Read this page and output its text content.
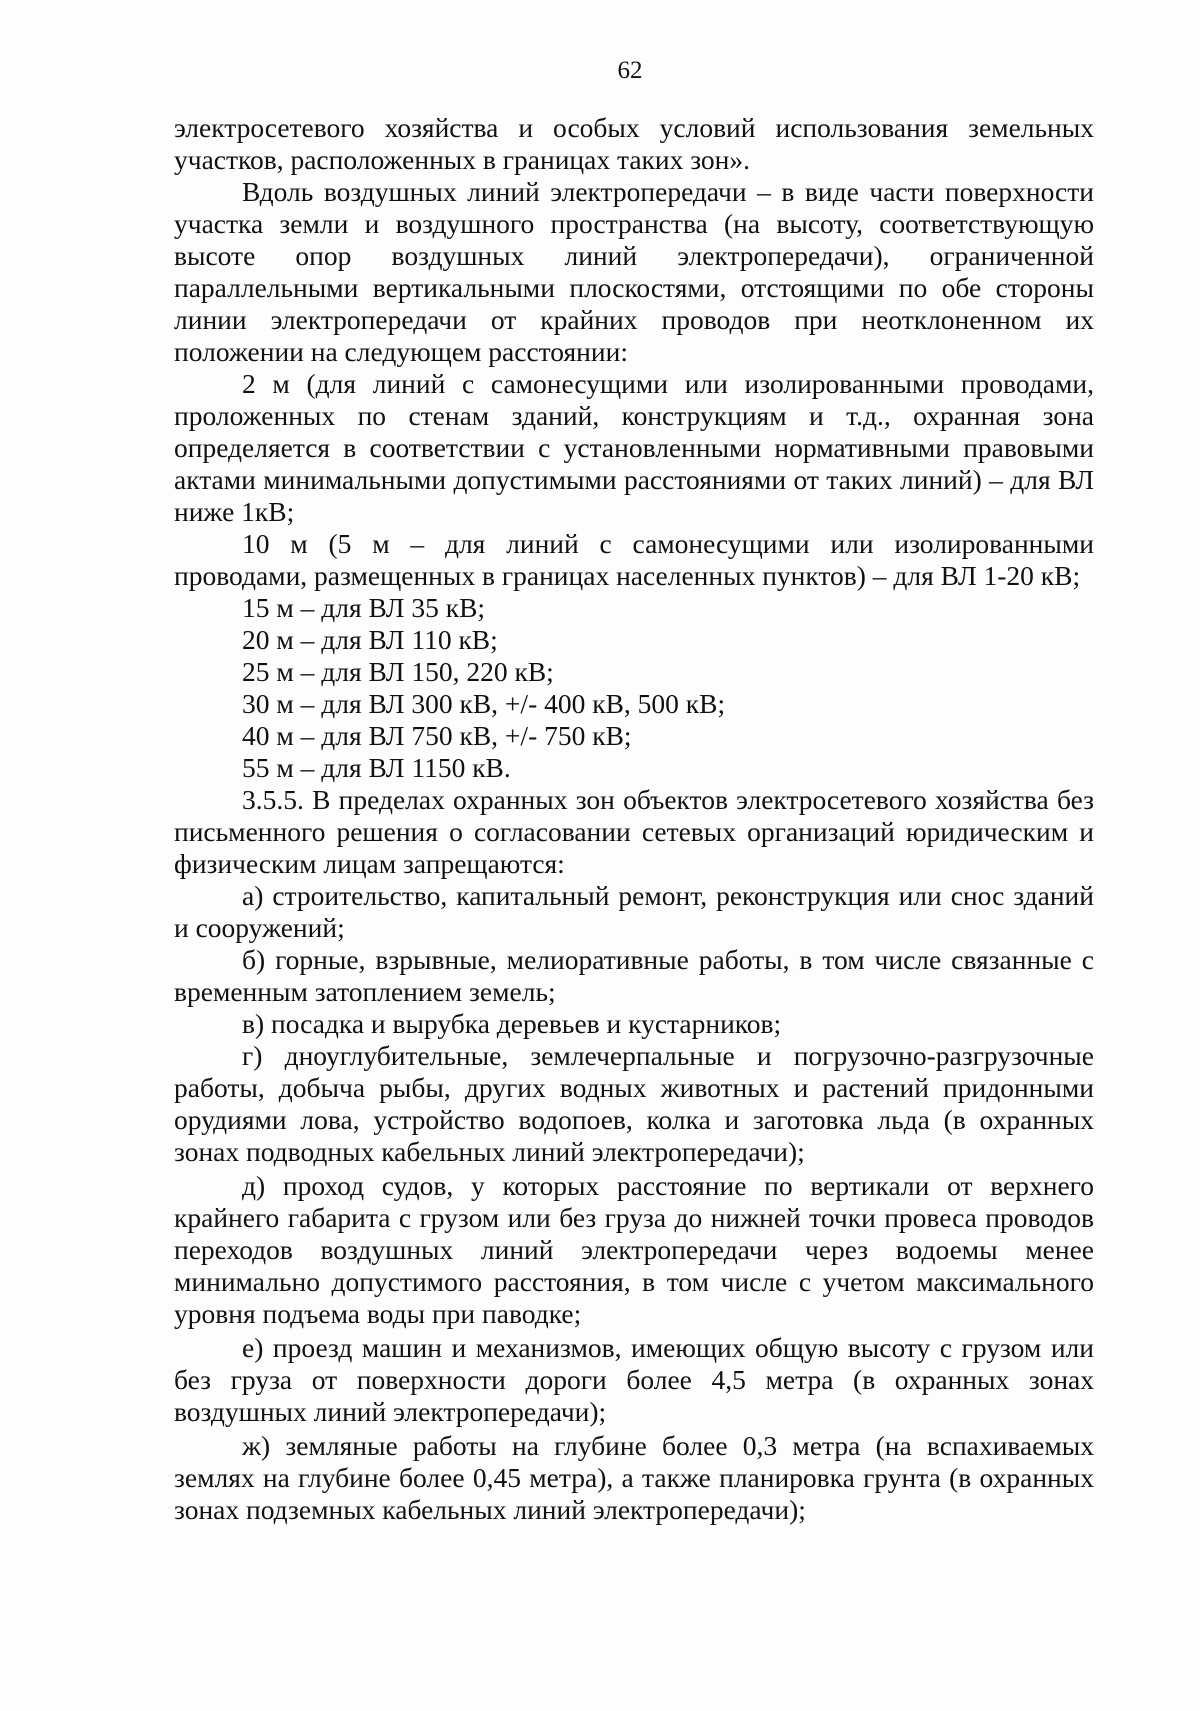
62

электросетевого хозяйства и особых условий использования земельных участков, расположенных в границах таких зон».

Вдоль воздушных линий электропередачи – в виде части поверхности участка земли и воздушного пространства (на высоту, соответствующую высоте опор воздушных линий электропередачи), ограниченной параллельными вертикальными плоскостями, отстоящими по обе стороны линии электропередачи от крайних проводов при неотклоненном их положении на следующем расстоянии:

2 м (для линий с самонесущими или изолированными проводами, проложенных по стенам зданий, конструкциям и т.д., охранная зона определяется в соответствии с установленными нормативными правовыми актами минимальными допустимыми расстояниями от таких линий) – для ВЛ ниже 1кВ;

10 м (5 м – для линий с самонесущими или изолированными проводами, размещенных в границах населенных пунктов) – для ВЛ 1-20 кВ;

15 м – для ВЛ 35 кВ;

20 м – для ВЛ 110 кВ;

25 м – для ВЛ 150, 220 кВ;

30 м – для ВЛ 300 кВ, +/- 400 кВ, 500 кВ;

40 м – для ВЛ 750 кВ, +/- 750 кВ;

55 м – для ВЛ 1150 кВ.

3.5.5. В пределах охранных зон объектов электросетевого хозяйства без письменного решения о согласовании сетевых организаций юридическим и физическим лицам запрещаются:

а) строительство, капитальный ремонт, реконструкция или снос зданий и сооружений;

б) горные, взрывные, мелиоративные работы, в том числе связанные с временным затоплением земель;

в) посадка и вырубка деревьев и кустарников;

г) дноуглубительные, землечерпальные и погрузочно-разгрузочные работы, добыча рыбы, других водных животных и растений придонными орудиями лова, устройство водопоев, колка и заготовка льда (в охранных зонах подводных кабельных линий электропередачи);

д) проход судов, у которых расстояние по вертикали от верхнего крайнего габарита с грузом или без груза до нижней точки провеса проводов переходов воздушных линий электропередачи через водоемы менее минимально допустимого расстояния, в том числе с учетом максимального уровня подъема воды при паводке;

е) проезд машин и механизмов, имеющих общую высоту с грузом или без груза от поверхности дороги более 4,5 метра (в охранных зонах воздушных линий электропередачи);

ж) земляные работы на глубине более 0,3 метра (на вспахиваемых землях на глубине более 0,45 метра), а также планировка грунта (в охранных зонах подземных кабельных линий электропередачи);
